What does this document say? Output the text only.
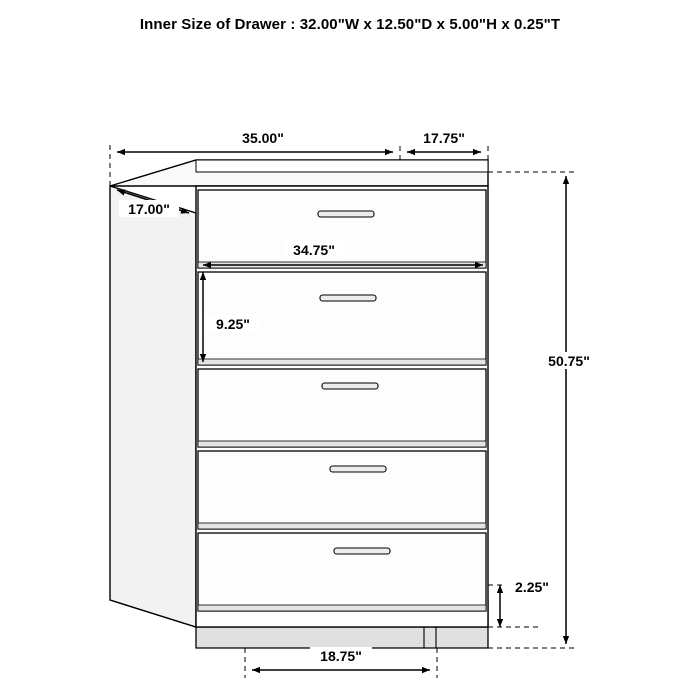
Inner Size of Drawer : 32.00"W x 12.50"D x 5.00"H x 0.25"T
35.00"	17.75"
17.00"
34.75"
9.25"
50.75"
2.25"
18.75"
